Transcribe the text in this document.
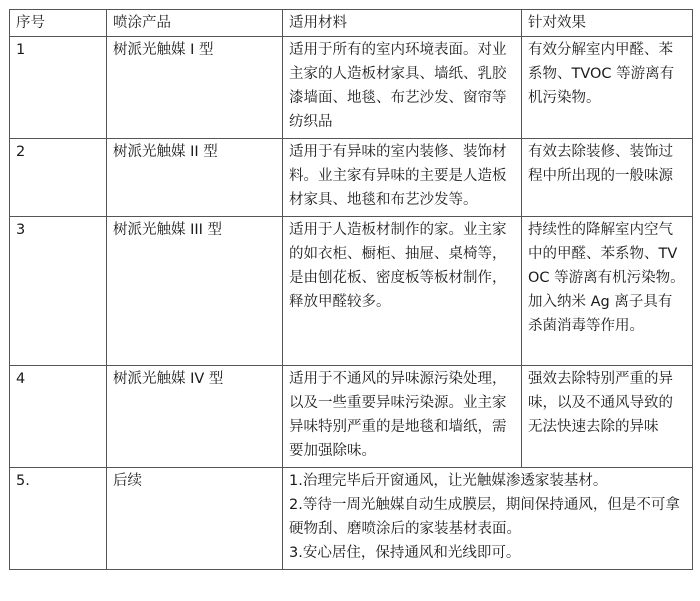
序号	喷涂产品	适用材料	针对效果
1	树派光触媒 I 型	适用于所有的室内环境表面。对业主家的人造板材家具、墙纸、乳胶漆墙面、地毯、布艺沙发、窗帘等纺织品	有效分解室内甲醛、苯系物、TVOC 等游离有机污染物。
2	树派光触媒 II 型	适用于有异味的室内装修、装饰材料。业主家有异味的主要是人造板材家具、地毯和布艺沙发等。	有效去除装修、装饰过程中所出现的一般味源
3	树派光触媒 III 型	适用于人造板材制作的家。业主家的如衣柜、橱柜、抽屉、桌椅等，是由刨花板、密度板等板材制作，释放甲醛较多。	持续性的降解室内空气中的甲醛、苯系物、TVOC 等游离有机污染物。加入纳米 Ag 离子具有杀菌消毒等作用。
4	树派光触媒 IV 型	适用于不通风的异味源污染处理，以及一些重要异味污染源。业主家异味特别严重的是地毯和墙纸，需要加强除味。	强效去除特别严重的异味，以及不通风导致的无法快速去除的异味
5.	后续	1.治理完毕后开窗通风，让光触媒渗透家装基材。
2.等待一周光触媒自动生成膜层，期间保持通风，但是不可拿硬物刮、磨喷涂后的家装基材表面。
3.安心居住，保持通风和光线即可。	
